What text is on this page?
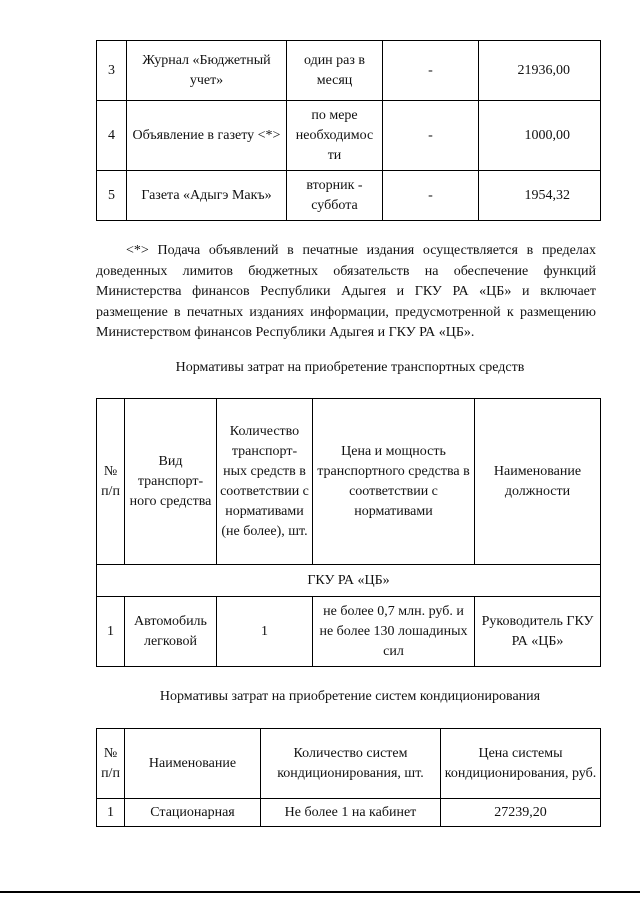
3	Журнал «Бюджетный учет»	один раз в месяц	-	21936,00
4	Объявление в газету <*>	по мере необходимос ти	-	1000,00
5	Газета «Адыгэ Макъ»	вторник - суббота	-	1954,32

<*> Подача объявлений в печатные издания осуществляется в пределах доведенных лимитов бюджетных обязательств на обеспечение функций Министерства финансов Республики Адыгея и ГКУ РА «ЦБ» и включает размещение в печатных изданиях информации, предусмотренной к размещению Министерством финансов Республики Адыгея и ГКУ РА «ЦБ».

Нормативы затрат на приобретение транспортных средств

№ п/п	Вид транспорт- ного средства	Количество транспорт- ных средств в соответствии с нормативами (не более), шт.	Цена и мощность транспортного средства в соответствии с нормативами	Наименование должности
ГКУ РА «ЦБ»				
1	Автомобиль легковой	1	не более 0,7 млн. руб. и не более 130 лошадиных сил	Руководитель ГКУ РА «ЦБ»

Нормативы затрат на приобретение систем кондиционирования

№ п/п	Наименование	Количество систем кондиционирования, шт.	Цена системы кондиционирования, руб.
1	Стационарная	Не более 1 на кабинет	27239,20
